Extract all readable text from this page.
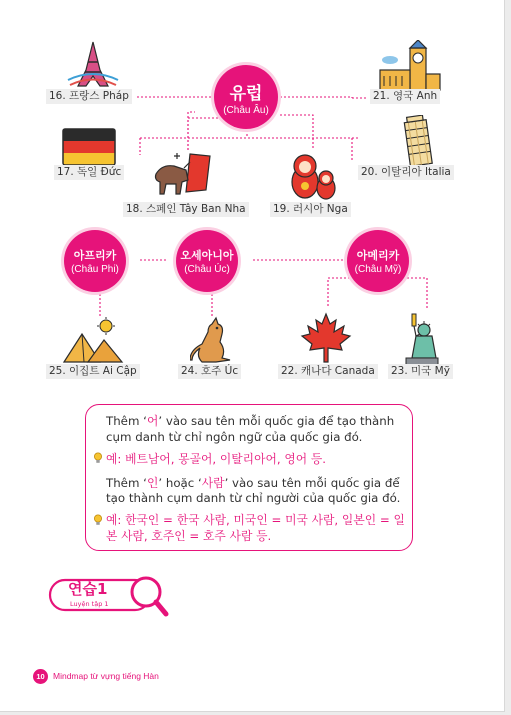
유럽
(Châu Âu)
아프리카
(Châu Phi)
오세아니아
(Châu Úc)
아메리카
(Châu Mỹ)
16. 프랑스 Pháp	21. 영국 Anh
17. 독일 Đức	20. 이탈리아 Italia
18. 스페인 Tây Ban Nha	19. 러시아 Nga
25. 이집트 Ai Cập	24. 호주 Úc	22. 캐나다 Canada 23. 미국 Mỹ
Thêm ‘어’ vào sau tên mỗi quốc gia để tạo thành
cụm danh từ chỉ ngôn ngữ của quốc gia đó.
예: 베트남어, 몽골어, 이탈리아어, 영어 등.
Thêm ‘인’ hoặc ‘사람’ vào sau tên mỗi quốc gia để
tạo thành cụm danh từ chỉ người của quốc gia đó.
예: 한국인 = 한국 사람, 미국인 = 미국 사람, 일본인 = 일
본 사람, 호주인 = 호주 사람 등.
연습1
Luyện tập 1
10 Mindmap từ vựng tiếng Hàn
